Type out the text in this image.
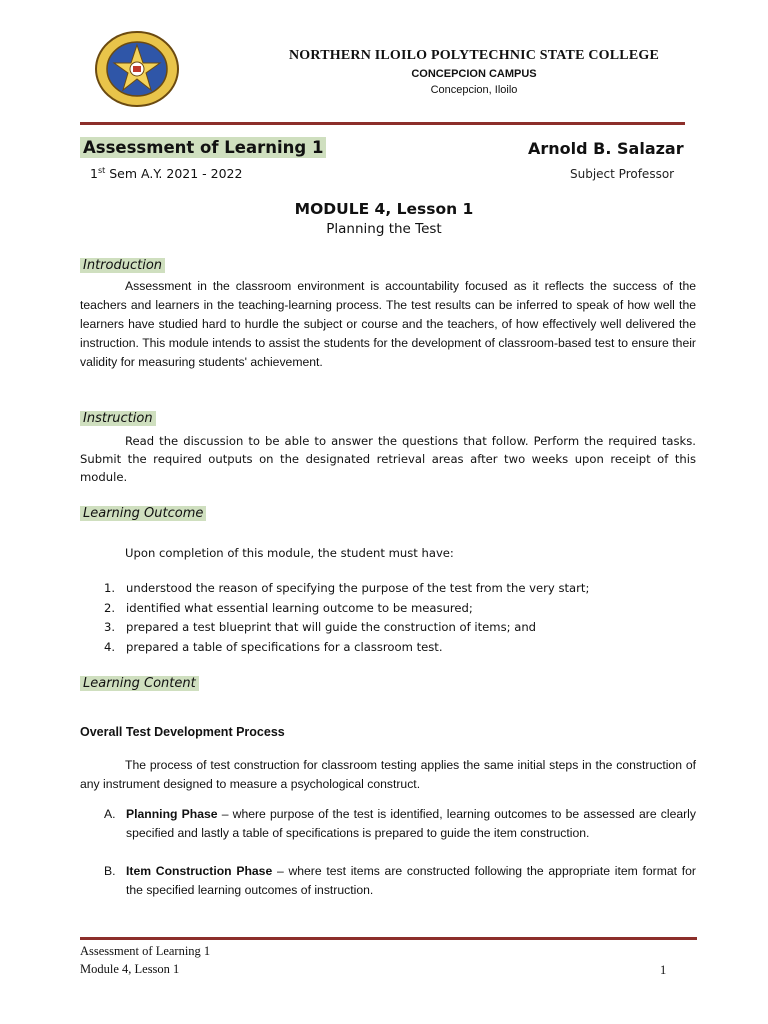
NORTHERN ILOILO POLYTECHNIC STATE COLLEGE
CONCEPCION CAMPUS
Concepcion, Iloilo
Assessment of Learning 1	Arnold B. Salazar
1st Sem A.Y. 2021 - 2022	Subject Professor
MODULE 4, Lesson 1
Planning the Test
Introduction
Assessment in the classroom environment is accountability focused as it reflects the success of the teachers and learners in the teaching-learning process. The test results can be inferred to speak of how well the learners have studied hard to hurdle the subject or course and the teachers, of how effectively well delivered the instruction. This module intends to assist the students for the development of classroom-based test to ensure their validity for measuring students' achievement.
Instruction
Read the discussion to be able to answer the questions that follow. Perform the required tasks. Submit the required outputs on the designated retrieval areas after two weeks upon receipt of this module.
Learning Outcome
Upon completion of this module, the student must have:
1. understood the reason of specifying the purpose of the test from the very start;
2. identified what essential learning outcome to be measured;
3. prepared a test blueprint that will guide the construction of items; and
4. prepared a table of specifications for a classroom test.
Learning Content
Overall Test Development Process
The process of test construction for classroom testing applies the same initial steps in the construction of any instrument designed to measure a psychological construct.
A. Planning Phase – where purpose of the test is identified, learning outcomes to be assessed are clearly specified and lastly a table of specifications is prepared to guide the item construction.
B. Item Construction Phase – where test items are constructed following the appropriate item format for the specified learning outcomes of instruction.
Assessment of Learning 1
Module 4, Lesson 1	1
